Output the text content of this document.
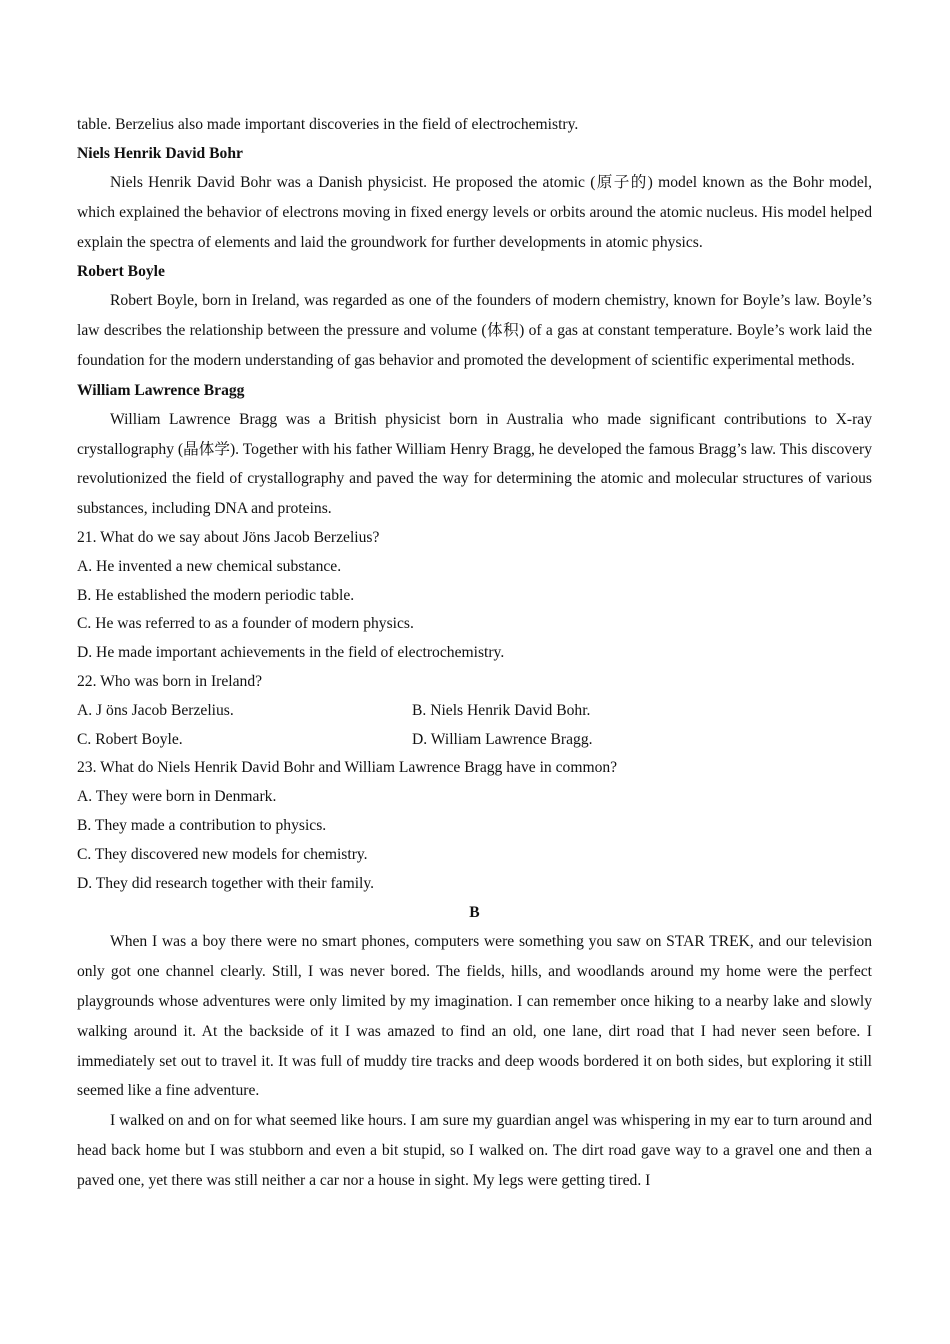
table. Berzelius also made important discoveries in the field of electrochemistry.
Niels Henrik David Bohr

Niels Henrik David Bohr was a Danish physicist. He proposed the atomic (原子的) model known as the Bohr model, which explained the behavior of electrons moving in fixed energy levels or orbits around the atomic nucleus. His model helped explain the spectra of elements and laid the groundwork for further developments in atomic physics.

Robert Boyle

Robert Boyle, born in Ireland, was regarded as one of the founders of modern chemistry, known for Boyle’s law. Boyle’s law describes the relationship between the pressure and volume (体积) of a gas at constant temperature. Boyle’s work laid the foundation for the modern understanding of gas behavior and promoted the development of scientific experimental methods.

William Lawrence Bragg

William Lawrence Bragg was a British physicist born in Australia who made significant contributions to X-ray crystallography (晶体学). Together with his father William Henry Bragg, he developed the famous Bragg’s law. This discovery revolutionized the field of crystallography and paved the way for determining the atomic and molecular structures of various substances, including DNA and proteins.

21. What do we say about Jöns Jacob Berzelius?
A. He invented a new chemical substance.
B. He established the modern periodic table.
C. He was referred to as a founder of modern physics.
D. He made important achievements in the field of electrochemistry.
22. Who was born in Ireland?
A. J öns Jacob Berzelius.	B. Niels Henrik David Bohr.
C. Robert Boyle.	D. William Lawrence Bragg.
23. What do Niels Henrik David Bohr and William Lawrence Bragg have in common?
A. They were born in Denmark.
B. They made a contribution to physics.
C. They discovered new models for chemistry.
D. They did research together with their family.
B

When I was a boy there were no smart phones, computers were something you saw on STAR TREK, and our television only got one channel clearly. Still, I was never bored. The fields, hills, and woodlands around my home were the perfect playgrounds whose adventures were only limited by my imagination. I can remember once hiking to a nearby lake and slowly walking around it. At the backside of it I was amazed to find an old, one lane, dirt road that I had never seen before. I immediately set out to travel it. It was full of muddy tire tracks and deep woods bordered it on both sides, but exploring it still seemed like a fine adventure.

I walked on and on for what seemed like hours. I am sure my guardian angel was whispering in my ear to turn around and head back home but I was stubborn and even a bit stupid, so I walked on. The dirt road gave way to a gravel one and then a paved one, yet there was still neither a car nor a house in sight. My legs were getting tired. I
